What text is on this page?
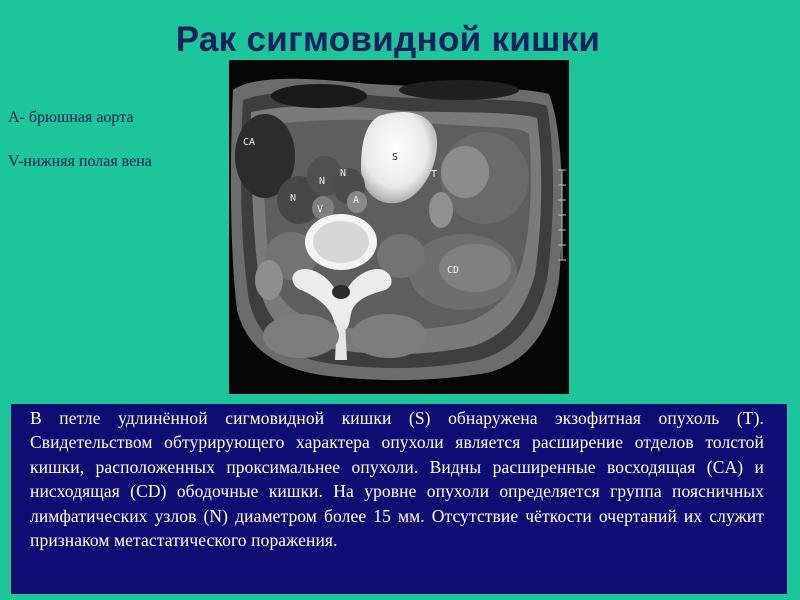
Рак сигмовидной кишки
А- брюшная аорта
V-нижняя полая вена
CA
S
T
N
N
N
V
A
CD

В петле удлинённой сигмовидной кишки (S) обнаружена экзофитная опухоль (T). Свидетельством обтурирующего характера опухоли является расширение отделов толстой кишки, расположенных проксимальнее опухоли. Видны расширенные восходящая (CA) и нисходящая (CD) ободочные кишки. На уровне опухоли определяется группа поясничных лимфатических узлов (N) диаметром более 15 мм. Отсутствие чёткости очертаний их служит признаком метастатического поражения.
